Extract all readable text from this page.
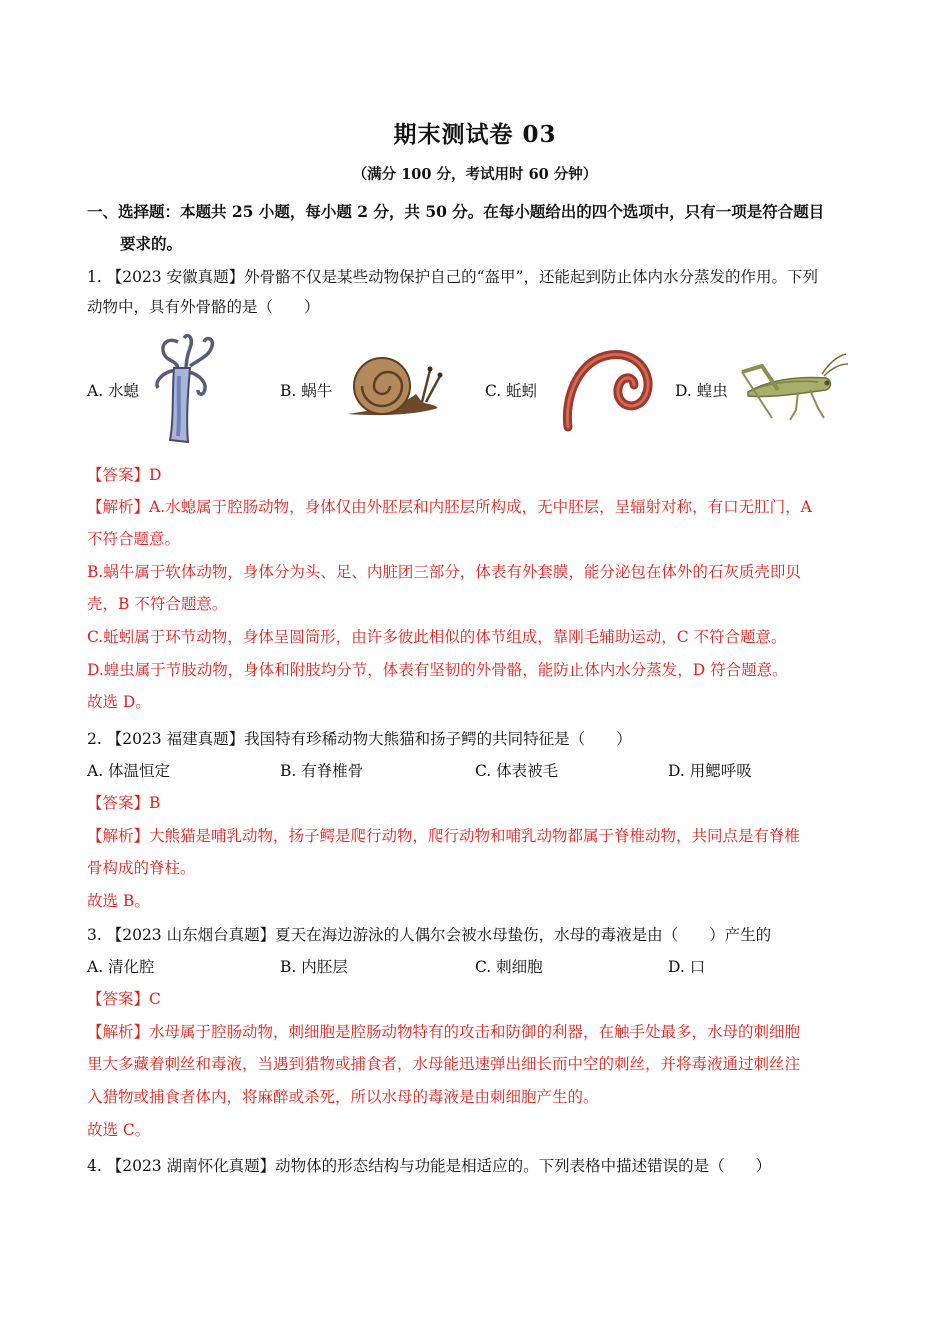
期末测试卷 03
（满分 100 分，考试用时 60 分钟）
一、选择题：本题共 25 小题，每小题 2 分，共 50 分。在每小题给出的四个选项中，只有一项是符合题目
要求的。
1. 【2023 安徽真题】外骨骼不仅是某些动物保护自己的“盔甲”，还能起到防止体内水分蒸发的作用。下列
动物中，具有外骨骼的是（　　）
A. 水螅	B. 蜗牛	C. 蚯蚓	D. 蝗虫
【答案】D
【解析】A.水螅属于腔肠动物，身体仅由外胚层和内胚层所构成，无中胚层，呈辐射对称，有口无肛门，A
不符合题意。
B.蜗牛属于软体动物，身体分为头、足、内脏团三部分，体表有外套膜，能分泌包在体外的石灰质壳即贝
壳，B 不符合题意。
C.蚯蚓属于环节动物，身体呈圆筒形，由许多彼此相似的体节组成，靠刚毛辅助运动，C 不符合题意。
D.蝗虫属于节肢动物，身体和附肢均分节，体表有坚韧的外骨骼，能防止体内水分蒸发，D 符合题意。
故选 D。
2. 【2023 福建真题】我国特有珍稀动物大熊猫和扬子鳄的共同特征是（　　）
A. 体温恒定	B. 有脊椎骨	C. 体表被毛	D. 用鳃呼吸
【答案】B
【解析】大熊猫是哺乳动物，扬子鳄是爬行动物，爬行动物和哺乳动物都属于脊椎动物，共同点是有脊椎
骨构成的脊柱。
故选 B。
3. 【2023 山东烟台真题】夏天在海边游泳的人偶尔会被水母蛰伤，水母的毒液是由（　　）产生的
A. 清化腔	B. 内胚层	C. 刺细胞	D. 口
【答案】C
【解析】水母属于腔肠动物，刺细胞是腔肠动物特有的攻击和防御的利器，在触手处最多，水母的刺细胞
里大多藏着刺丝和毒液，当遇到猎物或捕食者，水母能迅速弹出细长而中空的刺丝，并将毒液通过刺丝注
入猎物或捕食者体内，将麻醉或杀死，所以水母的毒液是由刺细胞产生的。
故选 C。
4. 【2023 湖南怀化真题】动物体的形态结构与功能是相适应的。下列表格中描述错误的是（　　）
